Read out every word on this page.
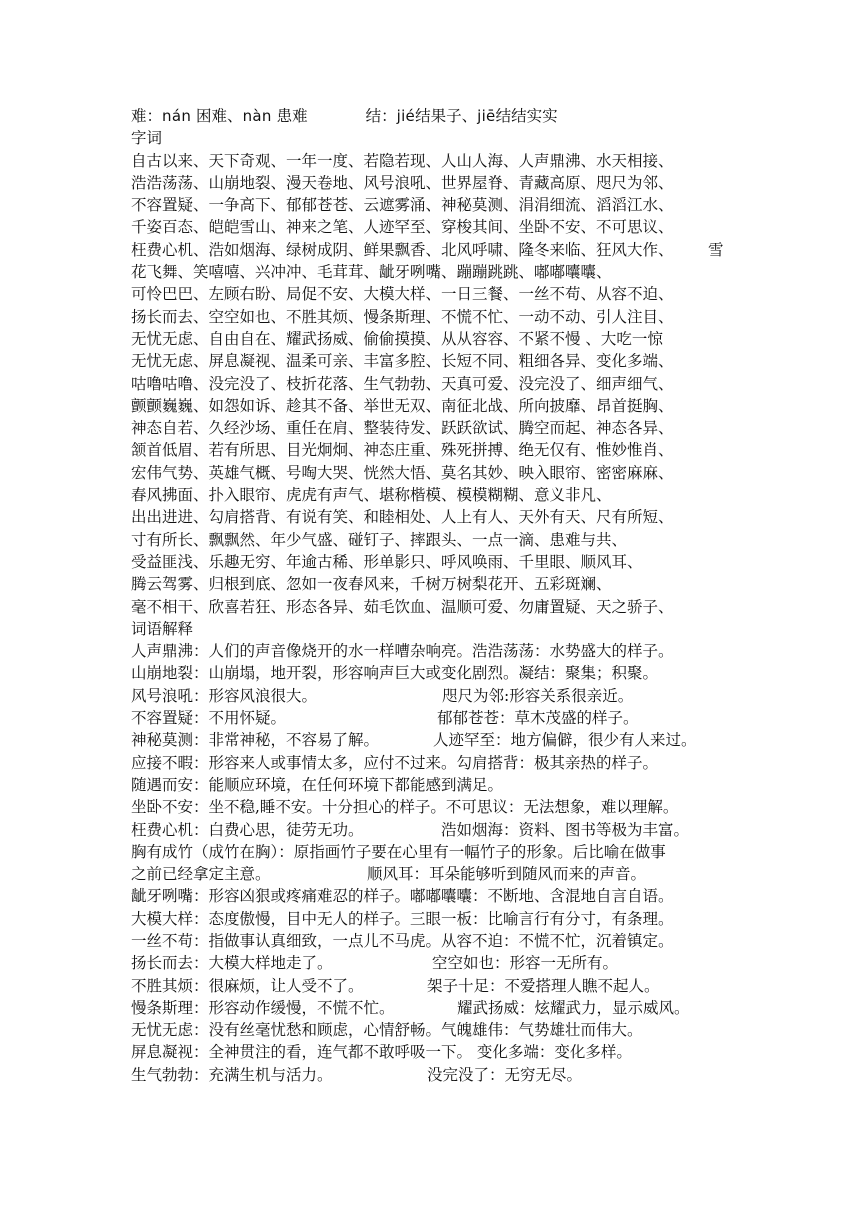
难：nán 困难、nàn 患难	结：jié结果子、jiē结结实实
字词
自古以来、天下奇观、一年一度、若隐若现、人山人海、人声鼎沸、水天相接、
浩浩荡荡、山崩地裂、漫天卷地、风号浪吼、世界屋脊、青藏高原、咫尺为邻、
不容置疑、一争高下、郁郁苍苍、云遮雾涌、神秘莫测、涓涓细流、滔滔江水、
千姿百态、皑皑雪山、神来之笔、人迹罕至、穿梭其间、坐卧不安、不可思议、
枉费心机、浩如烟海、绿树成阴、鲜果飘香、北风呼啸、隆冬来临、狂风大作、       雪
花飞舞、笑嘻嘻、兴冲冲、毛茸茸、龇牙咧嘴、蹦蹦跳跳、嘟嘟囔囔、
可怜巴巴、左顾右盼、局促不安、大模大样、一日三餐、一丝不苟、从容不迫、
扬长而去、空空如也、不胜其烦、慢条斯理、不慌不忙、一动不动、引人注目、
无忧无虑、自由自在、耀武扬威、偷偷摸摸、从从容容、不紧不慢 、大吃一惊
无忧无虑、屏息凝视、温柔可亲、丰富多腔、长短不同、粗细各异、变化多端、
咕噜咕噜、没完没了、枝折花落、生气勃勃、天真可爱、没完没了、细声细气、
颤颤巍巍、如怨如诉、趁其不备、举世无双、南征北战、所向披靡、昂首挺胸、
神态自若、久经沙场、重任在肩、整装待发、跃跃欲试、腾空而起、神态各异、
颔首低眉、若有所思、目光炯炯、神态庄重、殊死拼搏、绝无仅有、惟妙惟肖、
宏伟气势、英雄气概、号啕大哭、恍然大悟、莫名其妙、映入眼帘、密密麻麻、
春风拂面、扑入眼帘、虎虎有声气、堪称楷模、模模糊糊、意义非凡、
出出进进、勾肩搭背、有说有笑、和睦相处、人上有人、天外有天、尺有所短、
寸有所长、飘飘然、年少气盛、碰钉子、摔跟头、一点一滴、患难与共、
受益匪浅、乐趣无穷、年逾古稀、形单影只、呼风唤雨、千里眼、顺风耳、
腾云驾雾、归根到底、忽如一夜春风来，千树万树梨花开、五彩斑斓、
毫不相干、欣喜若狂、形态各异、茹毛饮血、温顺可爱、勿庸置疑、天之骄子、
词语解释
人声鼎沸：人们的声音像烧开的水一样嘈杂响亮。浩浩荡荡：水势盛大的样子。
山崩地裂：山崩塌，地开裂，形容响声巨大或变化剧烈。凝结：聚集；积聚。
风号浪吼：形容风浪很大。	咫尺为邻:形容关系很亲近。
不容置疑：不用怀疑。	郁郁苍苍：草木茂盛的样子。
神秘莫测：非常神秘，不容易了解。	人迹罕至：地方偏僻，很少有人来过。
应接不暇：形容来人或事情太多，应付不过来。勾肩搭背：极其亲热的样子。
随遇而安：能顺应环境，在任何环境下都能感到满足。
坐卧不安：坐不稳,睡不安。十分担心的样子。不可思议：无法想象，难以理解。
枉费心机：白费心思，徒劳无功。	浩如烟海：资料、图书等极为丰富。
胸有成竹（成竹在胸）：原指画竹子要在心里有一幅竹子的形象。后比喻在做事
之前已经拿定主意。	顺风耳：耳朵能够听到随风而来的声音。
龇牙咧嘴：形容凶狠或疼痛难忍的样子。嘟嘟囔囔：不断地、含混地自言自语。
大模大样：态度傲慢，目中无人的样子。三眼一板：比喻言行有分寸，有条理。
一丝不苟：指做事认真细致，一点儿不马虎。从容不迫：不慌不忙，沉着镇定。
扬长而去：大模大样地走了。	空空如也：形容一无所有。
不胜其烦：很麻烦，让人受不了。	架子十足：不爱搭理人瞧不起人。
慢条斯理：形容动作缓慢，不慌不忙。	耀武扬威：炫耀武力，显示威风。
无忧无虑：没有丝毫忧愁和顾虑，心情舒畅。气魄雄伟：气势雄壮而伟大。
屏息凝视：全神贯注的看，连气都不敢呼吸一下。 变化多端：变化多样。
生气勃勃：充满生机与活力。	没完没了：无穷无尽。
